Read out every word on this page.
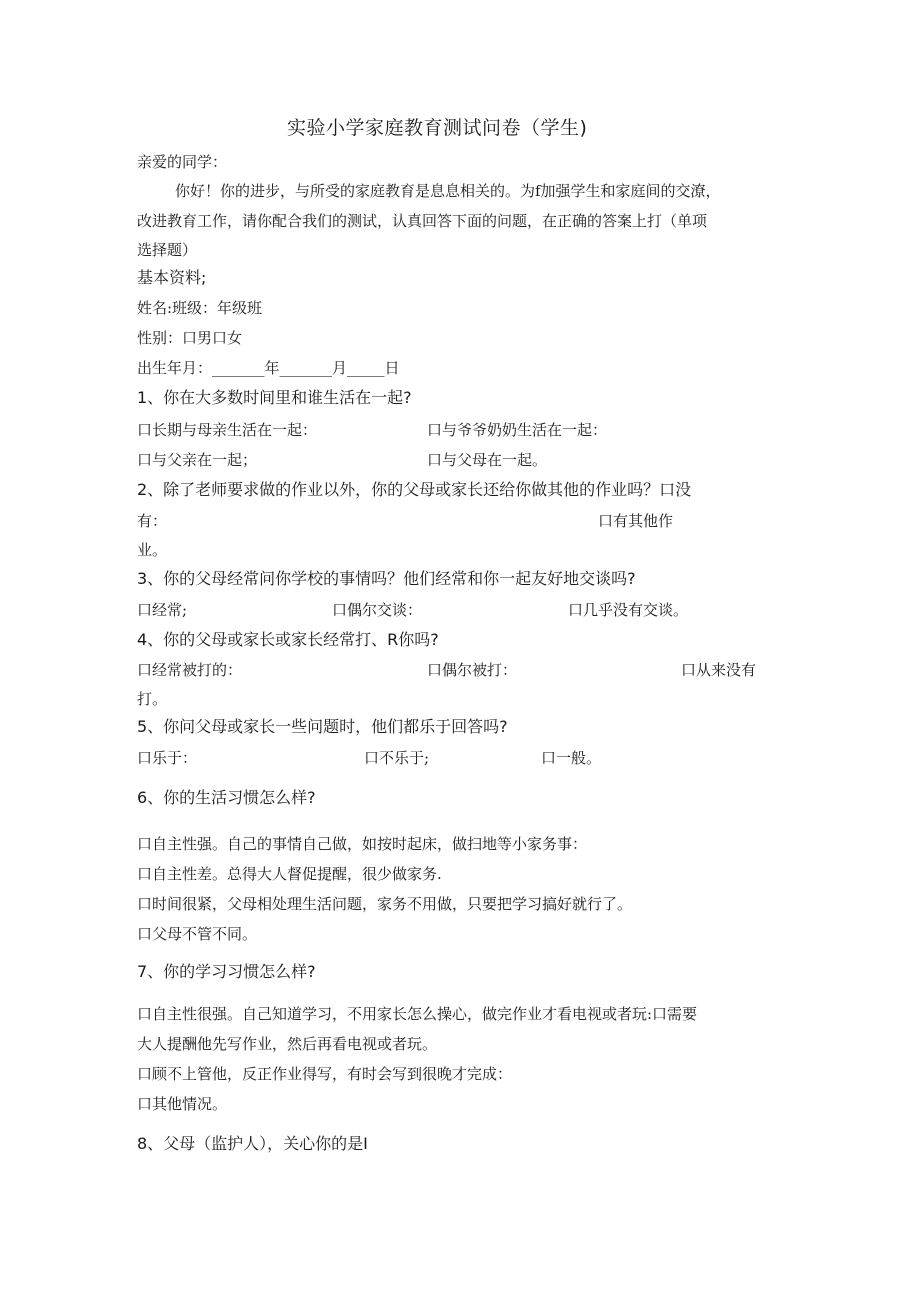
实验小学家庭教育测试问卷（学生)
亲爱的同学：
你好！你的进步，与所受的家庭教育是息息相关的。为f加强学生和家庭间的交潦，
改进教育工作，请你配合我们的测试，认真回答下面的问题，在正确的答案上打（单项
选择题）
基本资料;
姓名:班级：年级班
性别：口男口女
出生年月：_______年_______月_____日
1、你在大多数时间里和谁生活在一起?
口长期与母亲生活在一起：	口与爷爷奶奶生活在一起：
口与父亲在一起；	口与父母在一起。
2、除了老师要求做的作业以外，你的父母或家长还给你做其他的作业吗？口没
有：	口有其他作
业。
3、你的父母经常问你学校的事情吗？他们经常和你一起友好地交谈吗?
口经常;	口偶尔交谈：	口几乎没有交谈。
4、你的父母或家长或家长经常打、R你吗?
口经常被打的：	口偶尔被打：	口从来没有
打。
5、你问父母或家长一些问题时，他们都乐于回答吗?
口乐于：	口不乐于;	口一般。
6、你的生活习惯怎么样?
口自主性强。自己的事情自己做，如按时起床，做扫地等小家务事：
口自主性差。总得大人督促提醒，很少做家务.
口时间很紧，父母相处理生活问题，家务不用做，只要把学习搞好就行了。
口父母不管不同。
7、你的学习习惯怎么样?
口自主性很强。自己知道学习，不用家长怎么操心，做完作业才看电视或者玩:口需要
大人提酬他先写作业，然后再看电视或者玩。
口顾不上管他，反正作业得写，有时会写到很晚才完成：
口其他情况。
8、父母（监护人），关心你的是I
